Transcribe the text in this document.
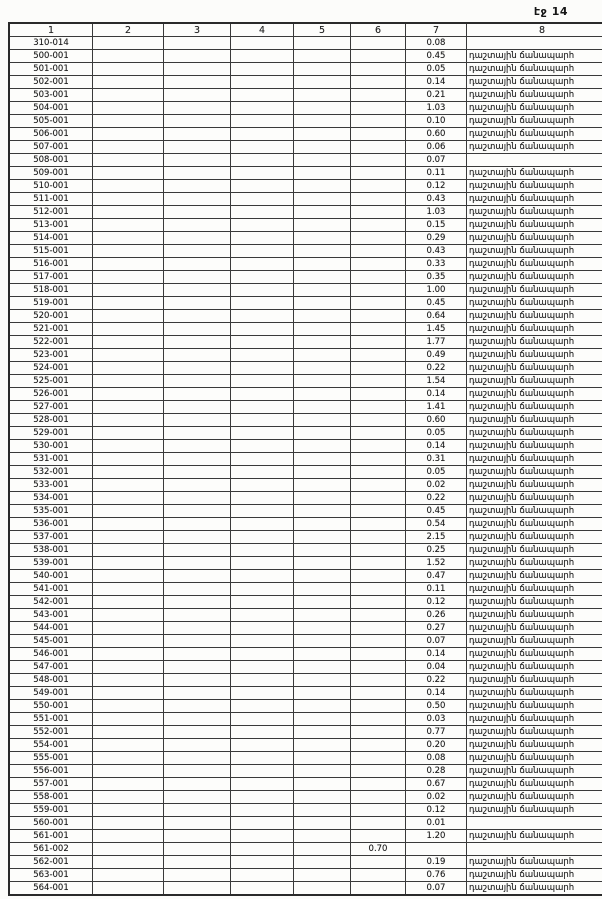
էջ 14
1	2	3	4	5	6	7	8
310-014						0.08	
500-001						0.45	դաշտային ճանապարհ
501-001						0.05	դաշտային ճանապարհ
502-001						0.14	դաշտային ճանապարհ
503-001						0.21	դաշտային ճանապարհ
504-001						1.03	դաշտային ճանապարհ
505-001						0.10	դաշտային ճանապարհ
506-001						0.60	դաշտային ճանապարհ
507-001						0.06	դաշտային ճանապարհ
508-001						0.07	
509-001						0.11	դաշտային ճանապարհ
510-001						0.12	դաշտային ճանապարհ
511-001						0.43	դաշտային ճանապարհ
512-001						1.03	դաշտային ճանապարհ
513-001						0.15	դաշտային ճանապարհ
514-001						0.29	դաշտային ճանապարհ
515-001						0.43	դաշտային ճանապարհ
516-001						0.33	դաշտային ճանապարհ
517-001						0.35	դաշտային ճանապարհ
518-001						1.00	դաշտային ճանապարհ
519-001						0.45	դաշտային ճանապարհ
520-001						0.64	դաշտային ճանապարհ
521-001						1.45	դաշտային ճանապարհ
522-001						1.77	դաշտային ճանապարհ
523-001						0.49	դաշտային ճանապարհ
524-001						0.22	դաշտային ճանապարհ
525-001						1.54	դաշտային ճանապարհ
526-001						0.14	դաշտային ճանապարհ
527-001						1.41	դաշտային ճանապարհ
528-001						0.60	դաշտային ճանապարհ
529-001						0.05	դաշտային ճանապարհ
530-001						0.14	դաշտային ճանապարհ
531-001						0.31	դաշտային ճանապարհ
532-001						0.05	դաշտային ճանապարհ
533-001						0.02	դաշտային ճանապարհ
534-001						0.22	դաշտային ճանապարհ
535-001						0.45	դաշտային ճանապարհ
536-001						0.54	դաշտային ճանապարհ
537-001						2.15	դաշտային ճանապարհ
538-001						0.25	դաշտային ճանապարհ
539-001						1.52	դաշտային ճանապարհ
540-001						0.47	դաշտային ճանապարհ
541-001						0.11	դաշտային ճանապարհ
542-001						0.12	դաշտային ճանապարհ
543-001						0.26	դաշտային ճանապարհ
544-001						0.27	դաշտային ճանապարհ
545-001						0.07	դաշտային ճանապարհ
546-001						0.14	դաշտային ճանապարհ
547-001						0.04	դաշտային ճանապարհ
548-001						0.22	դաշտային ճանապարհ
549-001						0.14	դաշտային ճանապարհ
550-001						0.50	դաշտային ճանապարհ
551-001						0.03	դաշտային ճանապարհ
552-001						0.77	դաշտային ճանապարհ
554-001						0.20	դաշտային ճանապարհ
555-001						0.08	դաշտային ճանապարհ
556-001						0.28	դաշտային ճանապարհ
557-001						0.67	դաշտային ճանապարհ
558-001						0.02	դաշտային ճանապարհ
559-001						0.12	դաշտային ճանապարհ
560-001						0.01	
561-001						1.20	դաշտային ճանապարհ
561-002					0.70		
562-001						0.19	դաշտային ճանապարհ
563-001						0.76	դաշտային ճանապարհ
564-001						0.07	դաշտային ճանապարհ
